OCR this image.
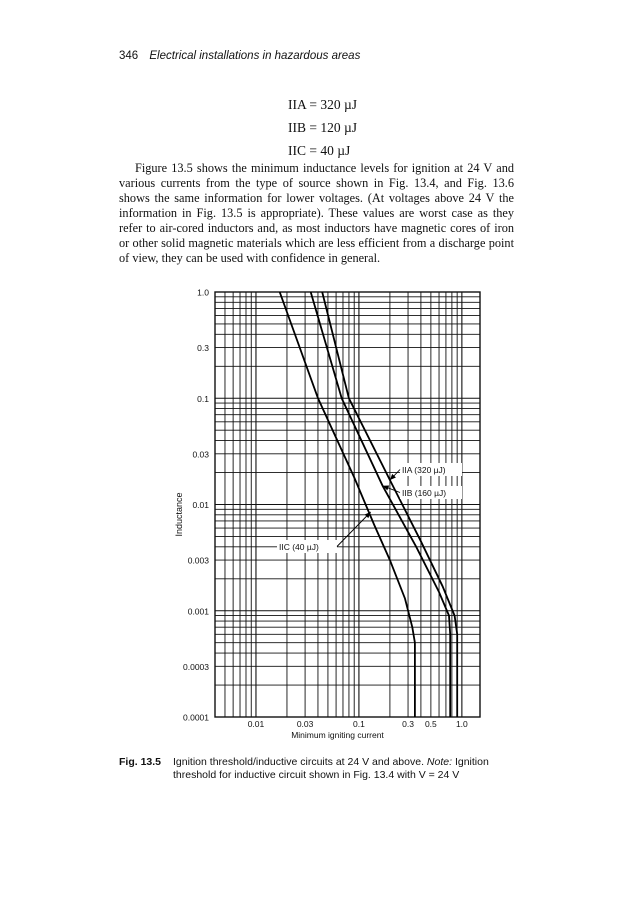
346 Electrical installations in hazardous areas
IIA = 320 µJ
IIB = 120 µJ
IIC = 40 µJ

Figure 13.5 shows the minimum inductance levels for ignition at 24 V and various currents from the type of source shown in Fig. 13.4, and Fig. 13.6 shows the same information for lower voltages. (At voltages above 24 V the information in Fig. 13.5 is appropriate). These values are worst case as they refer to air-cored inductors and, as most inductors have magnetic cores of iron or other solid magnetic materials which are less efficient from a discharge point of view, they can be used with confidence in general.

1.0
0.3
0.1
0.03
0.01
0.003
0.001
0.0003
0.0001
0.01	0.03	0.1	0.3 0.5 1.0
Minimum igniting current
Inductance
IIA (320 µJ)
IIB (160 µJ)
IIC (40 µJ)
Fig. 13.5 Ignition threshold/inductive circuits at 24 V and above. Note: Ignition
threshold for inductive circuit shown in Fig. 13.4 with V = 24 V
